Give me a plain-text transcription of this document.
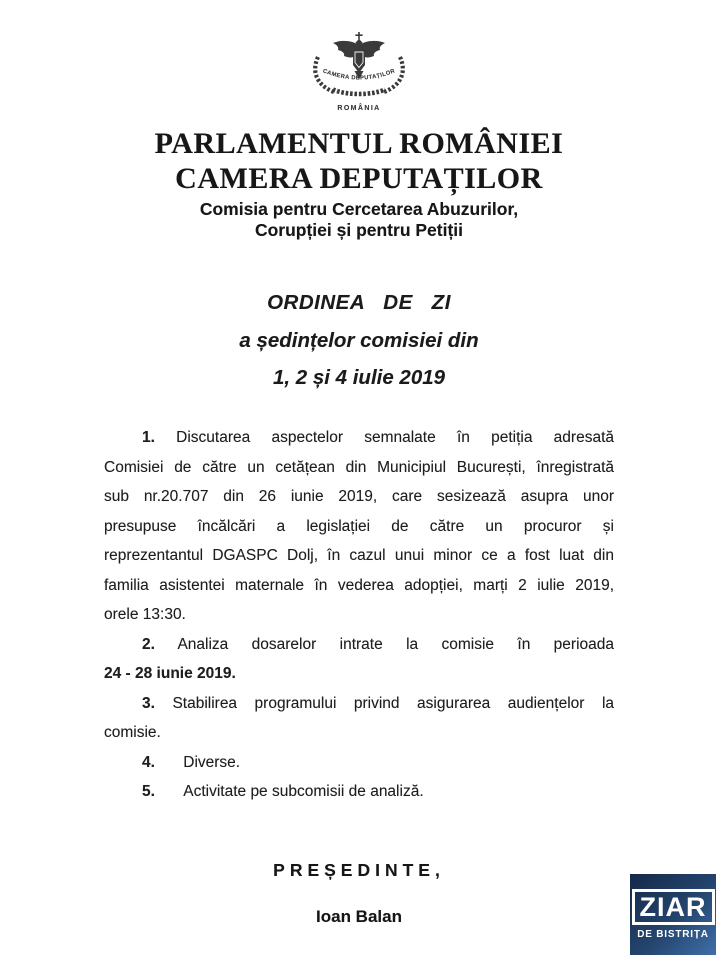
CAMERA DEPUTAȚILOR
ROMÂNIA
PARLAMENTUL ROMÂNIEI
CAMERA DEPUTAȚILOR
Comisia pentru Cercetarea Abuzurilor,
Corupției și pentru Petiții
ORDINEA DE ZI
a ședințelor comisiei din
1, 2 și 4 iulie 2019
1. Discutarea aspectelor semnalate în petiția adresată
Comisiei de către un cetățean din Municipiul București, înregistrată
sub nr.20.707 din 26 iunie 2019, care sesizează asupra unor
presupuse încălcări a legislației de către un procuror și
reprezentantul DGASPC Dolj, în cazul unui minor ce a fost luat din
familia asistentei maternale în vederea adopției, marți 2 iulie 2019,
orele 13:30.
2. Analiza dosarelor intrate la comisie în perioada
24 - 28 iunie 2019.
3. Stabilirea programului privind asigurarea audiențelor la
comisie.
4. Diverse.
5. Activitate pe subcomisii de analiză.
PREȘEDINTE,
Ioan Balan	ZIAR
DE BISTRIȚA
